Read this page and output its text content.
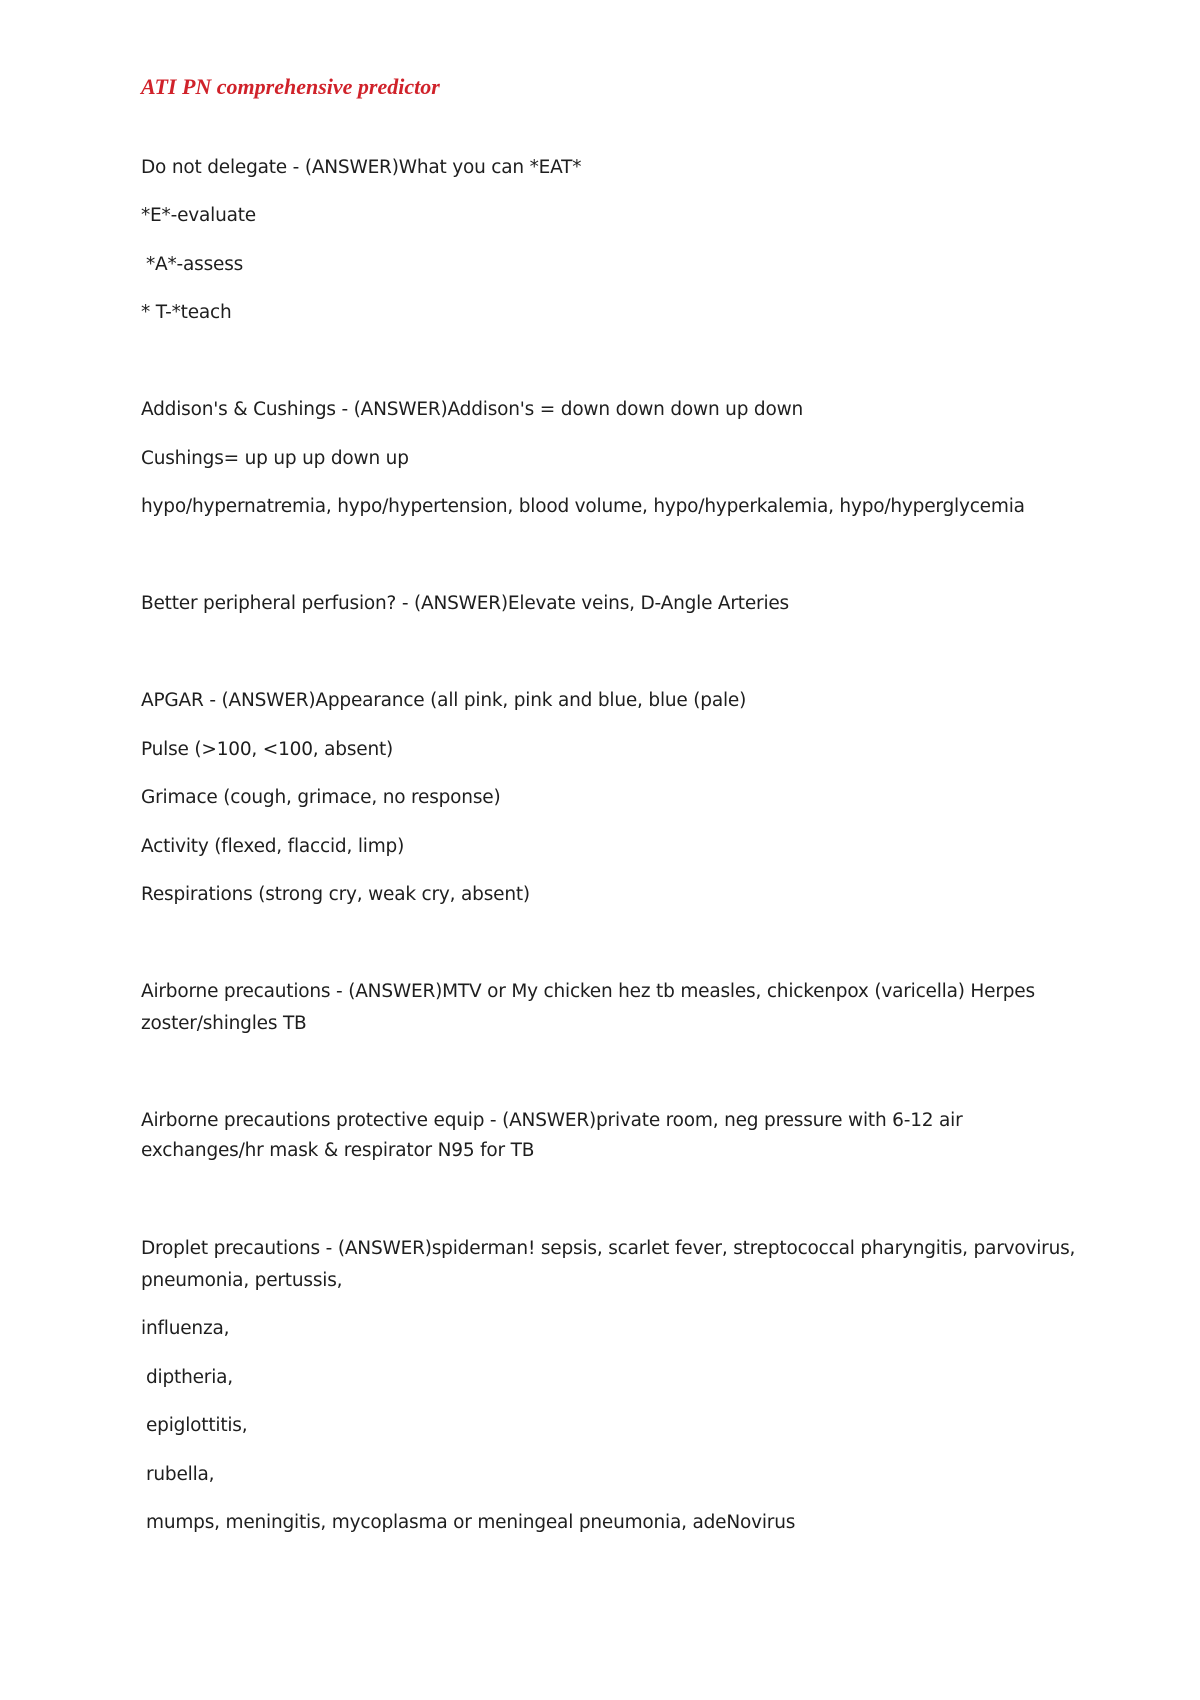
ATI PN comprehensive predictor
Do not delegate - (ANSWER)What you can *EAT*
*E*-evaluate
*A*-assess
* T-*teach
Addison's & Cushings - (ANSWER)Addison's = down down down up down
Cushings= up up up down up
hypo/hypernatremia, hypo/hypertension, blood volume, hypo/hyperkalemia, hypo/hyperglycemia
Better peripheral perfusion? - (ANSWER)Elevate veins, D-Angle Arteries
APGAR - (ANSWER)Appearance (all pink, pink and blue, blue (pale)
Pulse (>100, <100, absent)
Grimace (cough, grimace, no response)
Activity (flexed, flaccid, limp)
Respirations (strong cry, weak cry, absent)
Airborne precautions - (ANSWER)MTV or My chicken hez tb measles, chickenpox (varicella) Herpes
zoster/shingles TB
Airborne precautions protective equip - (ANSWER)private room, neg pressure with 6-12 air
exchanges/hr mask & respirator N95 for TB
Droplet precautions - (ANSWER)spiderman! sepsis, scarlet fever, streptococcal pharyngitis, parvovirus,
pneumonia, pertussis,
influenza,
diptheria,
epiglottitis,
rubella,
mumps, meningitis, mycoplasma or meningeal pneumonia, adeNovirus
